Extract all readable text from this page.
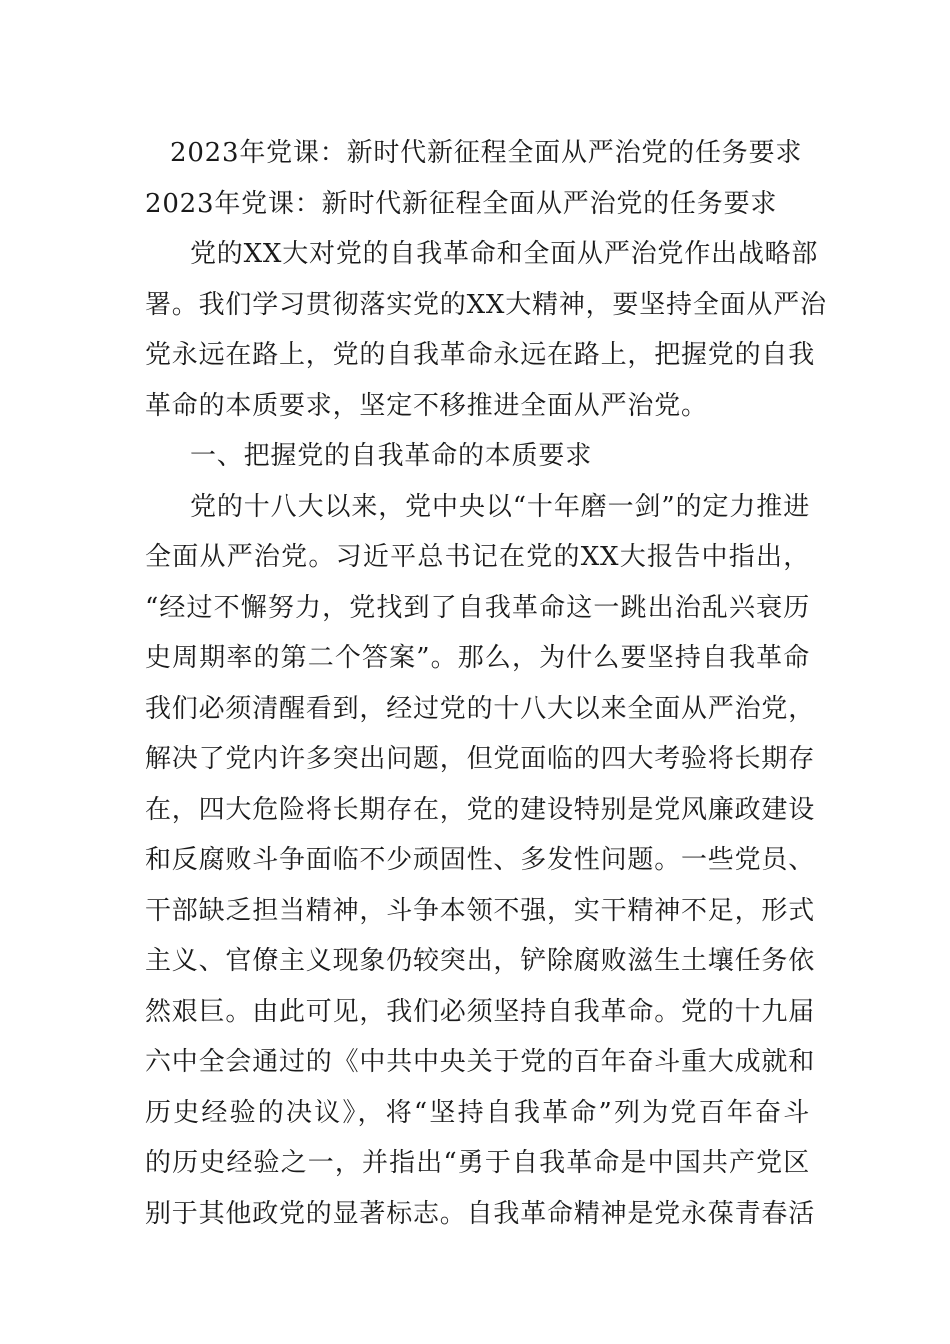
2023年党课：新时代新征程全面从严治党的任务要求
2023年党课：新时代新征程全面从严治党的任务要求
党的XX大对党的自我革命和全面从严治党作出战略部
署。我们学习贯彻落实党的XX大精神，要坚持全面从严治
党永远在路上，党的自我革命永远在路上，把握党的自我
革命的本质要求，坚定不移推进全面从严治党。
一、把握党的自我革命的本质要求
党的十八大以来，党中央以“十年磨一剑”的定力推进
全面从严治党。习近平总书记在党的XX大报告中指出，
“经过不懈努力，党找到了自我革命这一跳出治乱兴衰历
史周期率的第二个答案”。那么，为什么要坚持自我革命
我们必须清醒看到，经过党的十八大以来全面从严治党，
解决了党内许多突出问题，但党面临的四大考验将长期存
在，四大危险将长期存在，党的建设特别是党风廉政建设
和反腐败斗争面临不少顽固性、多发性问题。一些党员、
干部缺乏担当精神，斗争本领不强，实干精神不足，形式
主义、官僚主义现象仍较突出，铲除腐败滋生土壤任务依
然艰巨。由此可见，我们必须坚持自我革命。党的十九届
六中全会通过的《中共中央关于党的百年奋斗重大成就和
历史经验的决议》，将“坚持自我革命”列为党百年奋斗
的历史经验之一，并指出“勇于自我革命是中国共产党区
别于其他政党的显著标志。自我革命精神是党永葆青春活
